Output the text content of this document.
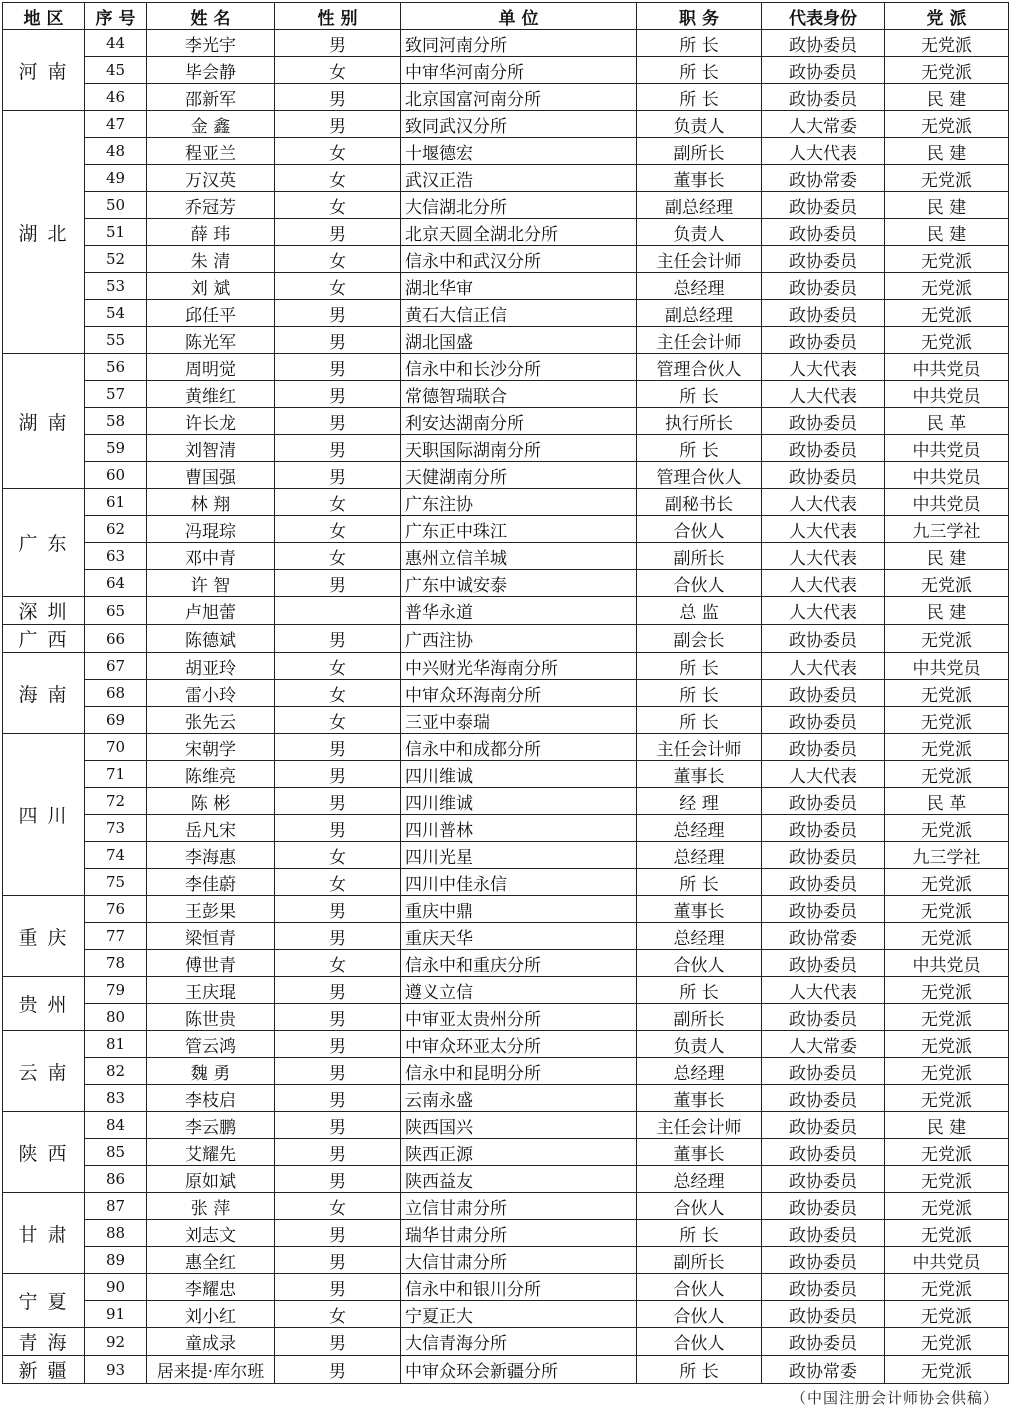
地 区	序 号	姓 名	性 别	单 位	职 务	代表身份	党 派
河 南	44	李光宇	男	致同河南分所	所 长	政协委员	无党派
	45	毕会静	女	中审华河南分所	所 长	政协委员	无党派
	46	邵新军	男	北京国富河南分所	所 长	政协委员	民 建
湖 北	47	金 鑫	男	致同武汉分所	负责人	人大常委	无党派
	48	程亚兰	女	十堰德宏	副所长	人大代表	民 建
	49	万汉英	女	武汉正浩	董事长	政协常委	无党派
	50	乔冠芳	女	大信湖北分所	副总经理	政协委员	民 建
	51	薛 玮	男	北京天圆全湖北分所	负责人	政协委员	民 建
	52	朱 清	女	信永中和武汉分所	主任会计师	政协委员	无党派
	53	刘 斌	女	湖北华审	总经理	政协委员	无党派
	54	邱任平	男	黄石大信正信	副总经理	政协委员	无党派
	55	陈光军	男	湖北国盛	主任会计师	政协委员	无党派
湖 南	56	周明觉	男	信永中和长沙分所	管理合伙人	人大代表	中共党员
	57	黄维红	男	常德智瑞联合	所 长	人大代表	中共党员
	58	许长龙	男	利安达湖南分所	执行所长	政协委员	民 革
	59	刘智清	男	天职国际湖南分所	所 长	政协委员	中共党员
	60	曹国强	男	天健湖南分所	管理合伙人	政协委员	中共党员
广 东	61	林 翔	女	广东注协	副秘书长	人大代表	中共党员
	62	冯琨琮	女	广东正中珠江	合伙人	人大代表	九三学社
	63	邓中青	女	惠州立信羊城	副所长	人大代表	民 建
	64	许 智	男	广东中诚安泰	合伙人	人大代表	无党派
深 圳	65	卢旭蕾		普华永道	总 监	人大代表	民 建
广 西	66	陈德斌	男	广西注协	副会长	政协委员	无党派
海 南	67	胡亚玲	女	中兴财光华海南分所	所 长	人大代表	中共党员
	68	雷小玲	女	中审众环海南分所	所 长	政协委员	无党派
	69	张先云	女	三亚中泰瑞	所 长	政协委员	无党派
四 川	70	宋朝学	男	信永中和成都分所	主任会计师	政协委员	无党派
	71	陈维亮	男	四川维诚	董事长	人大代表	无党派
	72	陈 彬	男	四川维诚	经 理	政协委员	民 革
	73	岳凡宋	男	四川普林	总经理	政协委员	无党派
	74	李海惠	女	四川光星	总经理	政协委员	九三学社
	75	李佳蔚	女	四川中佳永信	所 长	政协委员	无党派
重 庆	76	王彭果	男	重庆中鼎	董事长	政协委员	无党派
	77	梁恒青	男	重庆天华	总经理	政协常委	无党派
	78	傅世青	女	信永中和重庆分所	合伙人	政协委员	中共党员
贵 州	79	王庆琨	男	遵义立信	所 长	人大代表	无党派
	80	陈世贵	男	中审亚太贵州分所	副所长	政协委员	无党派
云 南	81	管云鸿	男	中审众环亚太分所	负责人	人大常委	无党派
	82	魏 勇	男	信永中和昆明分所	总经理	政协委员	无党派
	83	李枝启	男	云南永盛	董事长	政协委员	无党派
陕 西	84	李云鹏	男	陕西国兴	主任会计师	政协委员	民 建
	85	艾耀先	男	陕西正源	董事长	政协委员	无党派
	86	原如斌	男	陕西益友	总经理	政协委员	无党派
甘 肃	87	张 萍	女	立信甘肃分所	合伙人	政协委员	无党派
	88	刘志文	男	瑞华甘肃分所	所 长	政协委员	无党派
	89	惠全红	男	大信甘肃分所	副所长	政协委员	中共党员
宁 夏	90	李耀忠	男	信永中和银川分所	合伙人	政协委员	无党派
	91	刘小红	女	宁夏正大	合伙人	政协委员	无党派
青 海	92	童成录	男	大信青海分所	合伙人	政协委员	无党派
新 疆	93	居来提·库尔班	男	中审众环会新疆分所	所 长	政协常委	无党派
（中国注册会计师协会供稿）
